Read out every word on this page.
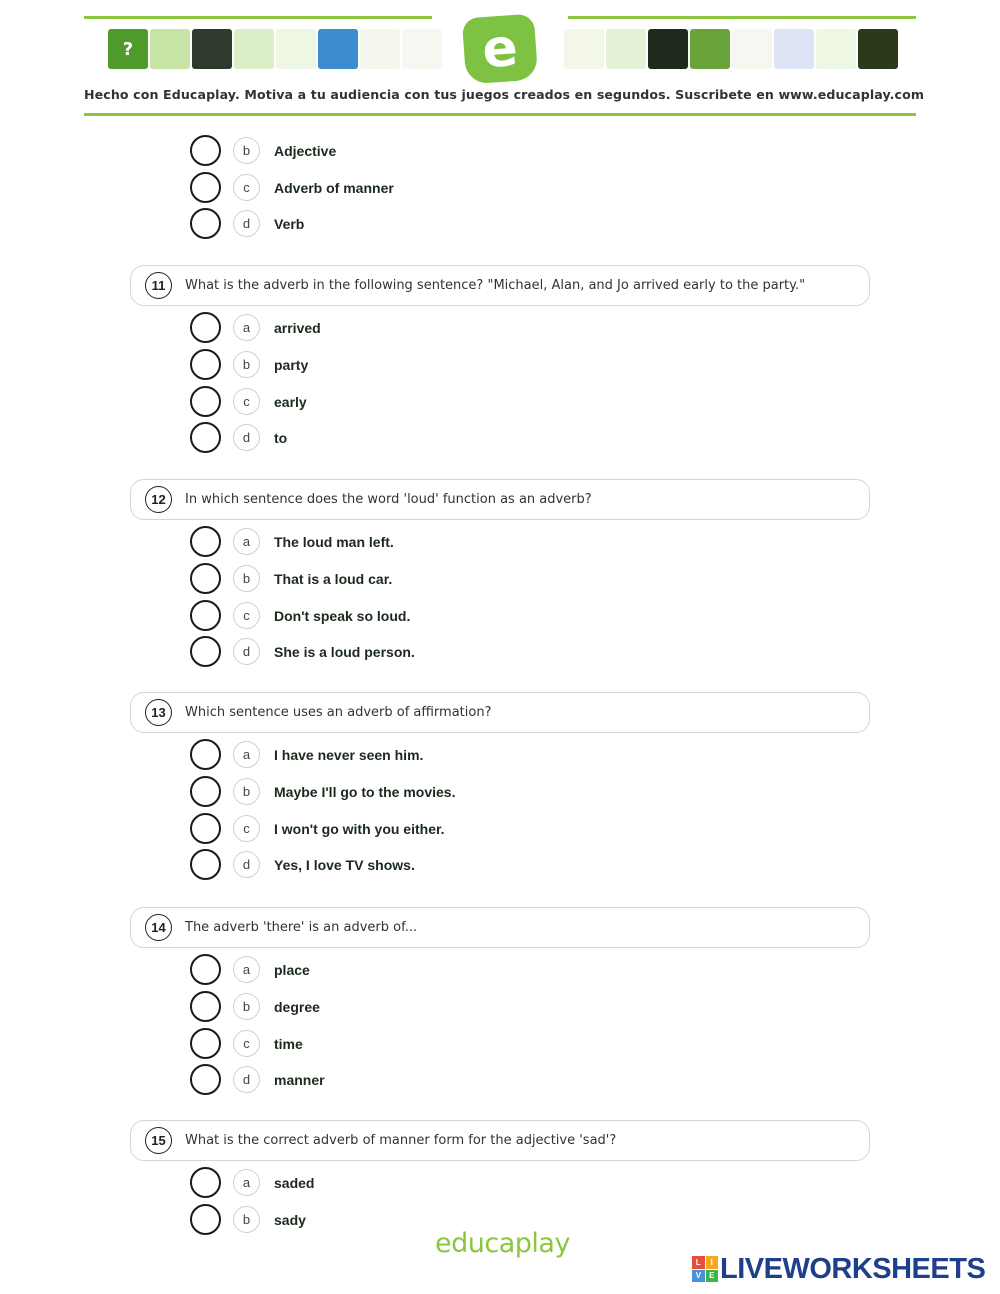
?	e
Hecho con Educaplay. Motiva a tu audiencia con tus juegos creados en segundos. Suscribete en www.educaplay.com
b	Adjective
c	Adverb of manner
d	Verb
11	What is the adverb in the following sentence? "Michael, Alan, and Jo arrived early to the party."
a	arrived
b	party
c	early
d	to
12	In which sentence does the word 'loud' function as an adverb?
a	The loud man left.
b	That is a loud car.
c	Don't speak so loud.
d	She is a loud person.
13	Which sentence uses an adverb of affirmation?
a	I have never seen him.
b	Maybe I'll go to the movies.
c	I won't go with you either.
d	Yes, I love TV shows.
14	The adverb 'there' is an adverb of...
a	place
b	degree
c	time
d	manner
15	What is the correct adverb of manner form for the adjective 'sad'?
a	saded
b	sady
educaplay
L	I
V	E LIVEWORKSHEETS
